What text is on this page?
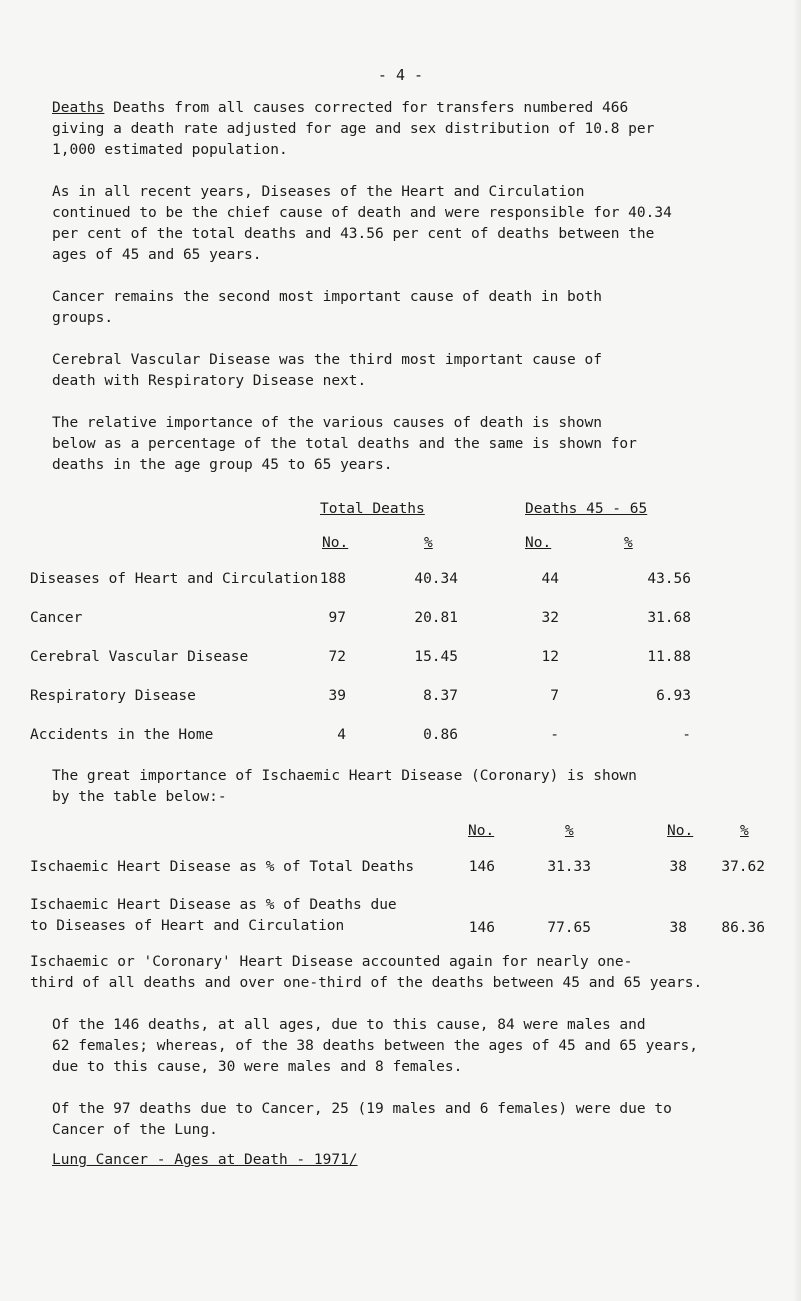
- 4 -
Deaths Deaths from all causes corrected for transfers numbered 466
giving a death rate adjusted for age and sex distribution of 10.8 per
1,000 estimated population.
As in all recent years, Diseases of the Heart and Circulation
continued to be the chief cause of death and were responsible for 40.34
per cent of the total deaths and 43.56 per cent of deaths between the
ages of 45 and 65 years.
Cancer remains the second most important cause of death in both
groups.
Cerebral Vascular Disease was the third most important cause of
death with Respiratory Disease next.
The relative importance of the various causes of death is shown
below as a percentage of the total deaths and the same is shown for
deaths in the age group 45 to 65 years.
Total Deaths	Deaths 45 - 65
No.	%	No.	%
Diseases of Heart and Circulation 188	40.34	44	43.56
Cancer	97	20.81	32	31.68
Cerebral Vascular Disease	72	15.45	12	11.88
Respiratory Disease	39	8.37	7	6.93
Accidents in the Home	4	0.86	-	-
The great importance of Ischaemic Heart Disease (Coronary) is shown
by the table below:-
No.	%	No.	%
Ischaemic Heart Disease as % of Total Deaths	146	31.33	38 37.62
Ischaemic Heart Disease as % of Deaths due
to Diseases of Heart and Circulation	146	77.65	38 86.36
Ischaemic or 'Coronary' Heart Disease accounted again for nearly one-
third of all deaths and over one-third of the deaths between 45 and 65 years.
Of the 146 deaths, at all ages, due to this cause, 84 were males and
62 females; whereas, of the 38 deaths between the ages of 45 and 65 years,
due to this cause, 30 were males and 8 females.
Of the 97 deaths due to Cancer, 25 (19 males and 6 females) were due to
Cancer of the Lung.
Lung Cancer - Ages at Death - 1971/
